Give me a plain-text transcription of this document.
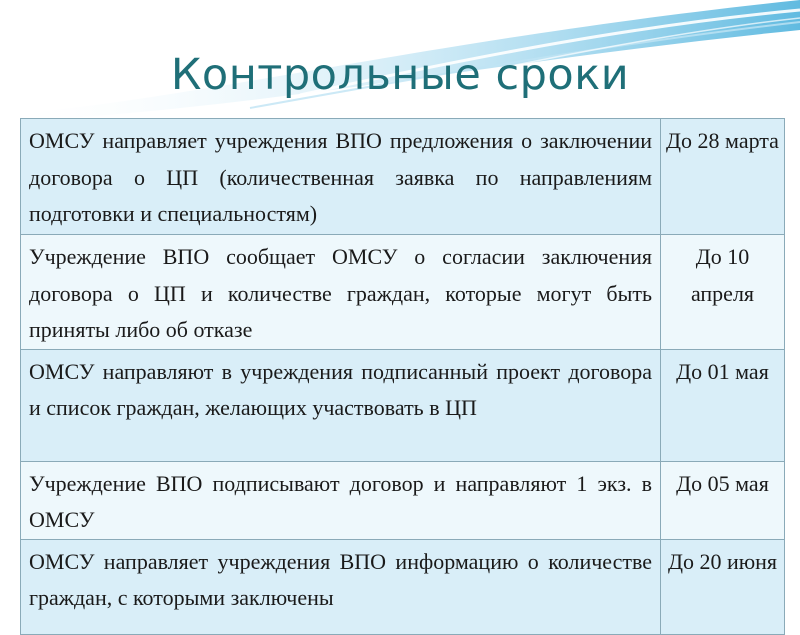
Контрольные сроки
ОМСУ направляет учреждения ВПО предложения о заключении договора о ЦП (количественная заявка по направлениям подготовки и специальностям)	До 28 марта
Учреждение ВПО сообщает ОМСУ о согласии заключения договора о ЦП и количестве граждан, которые могут быть приняты либо об отказе	До 10 апреля
ОМСУ направляют в учреждения подписанный проект договора и список граждан, желающих участвовать в ЦП	До 01 мая
Учреждение ВПО подписывают договор и направляют 1 экз. в ОМСУ	До 05 мая
ОМСУ направляет учреждения ВПО информацию о количестве граждан, с которыми заключены	До 20 июня
